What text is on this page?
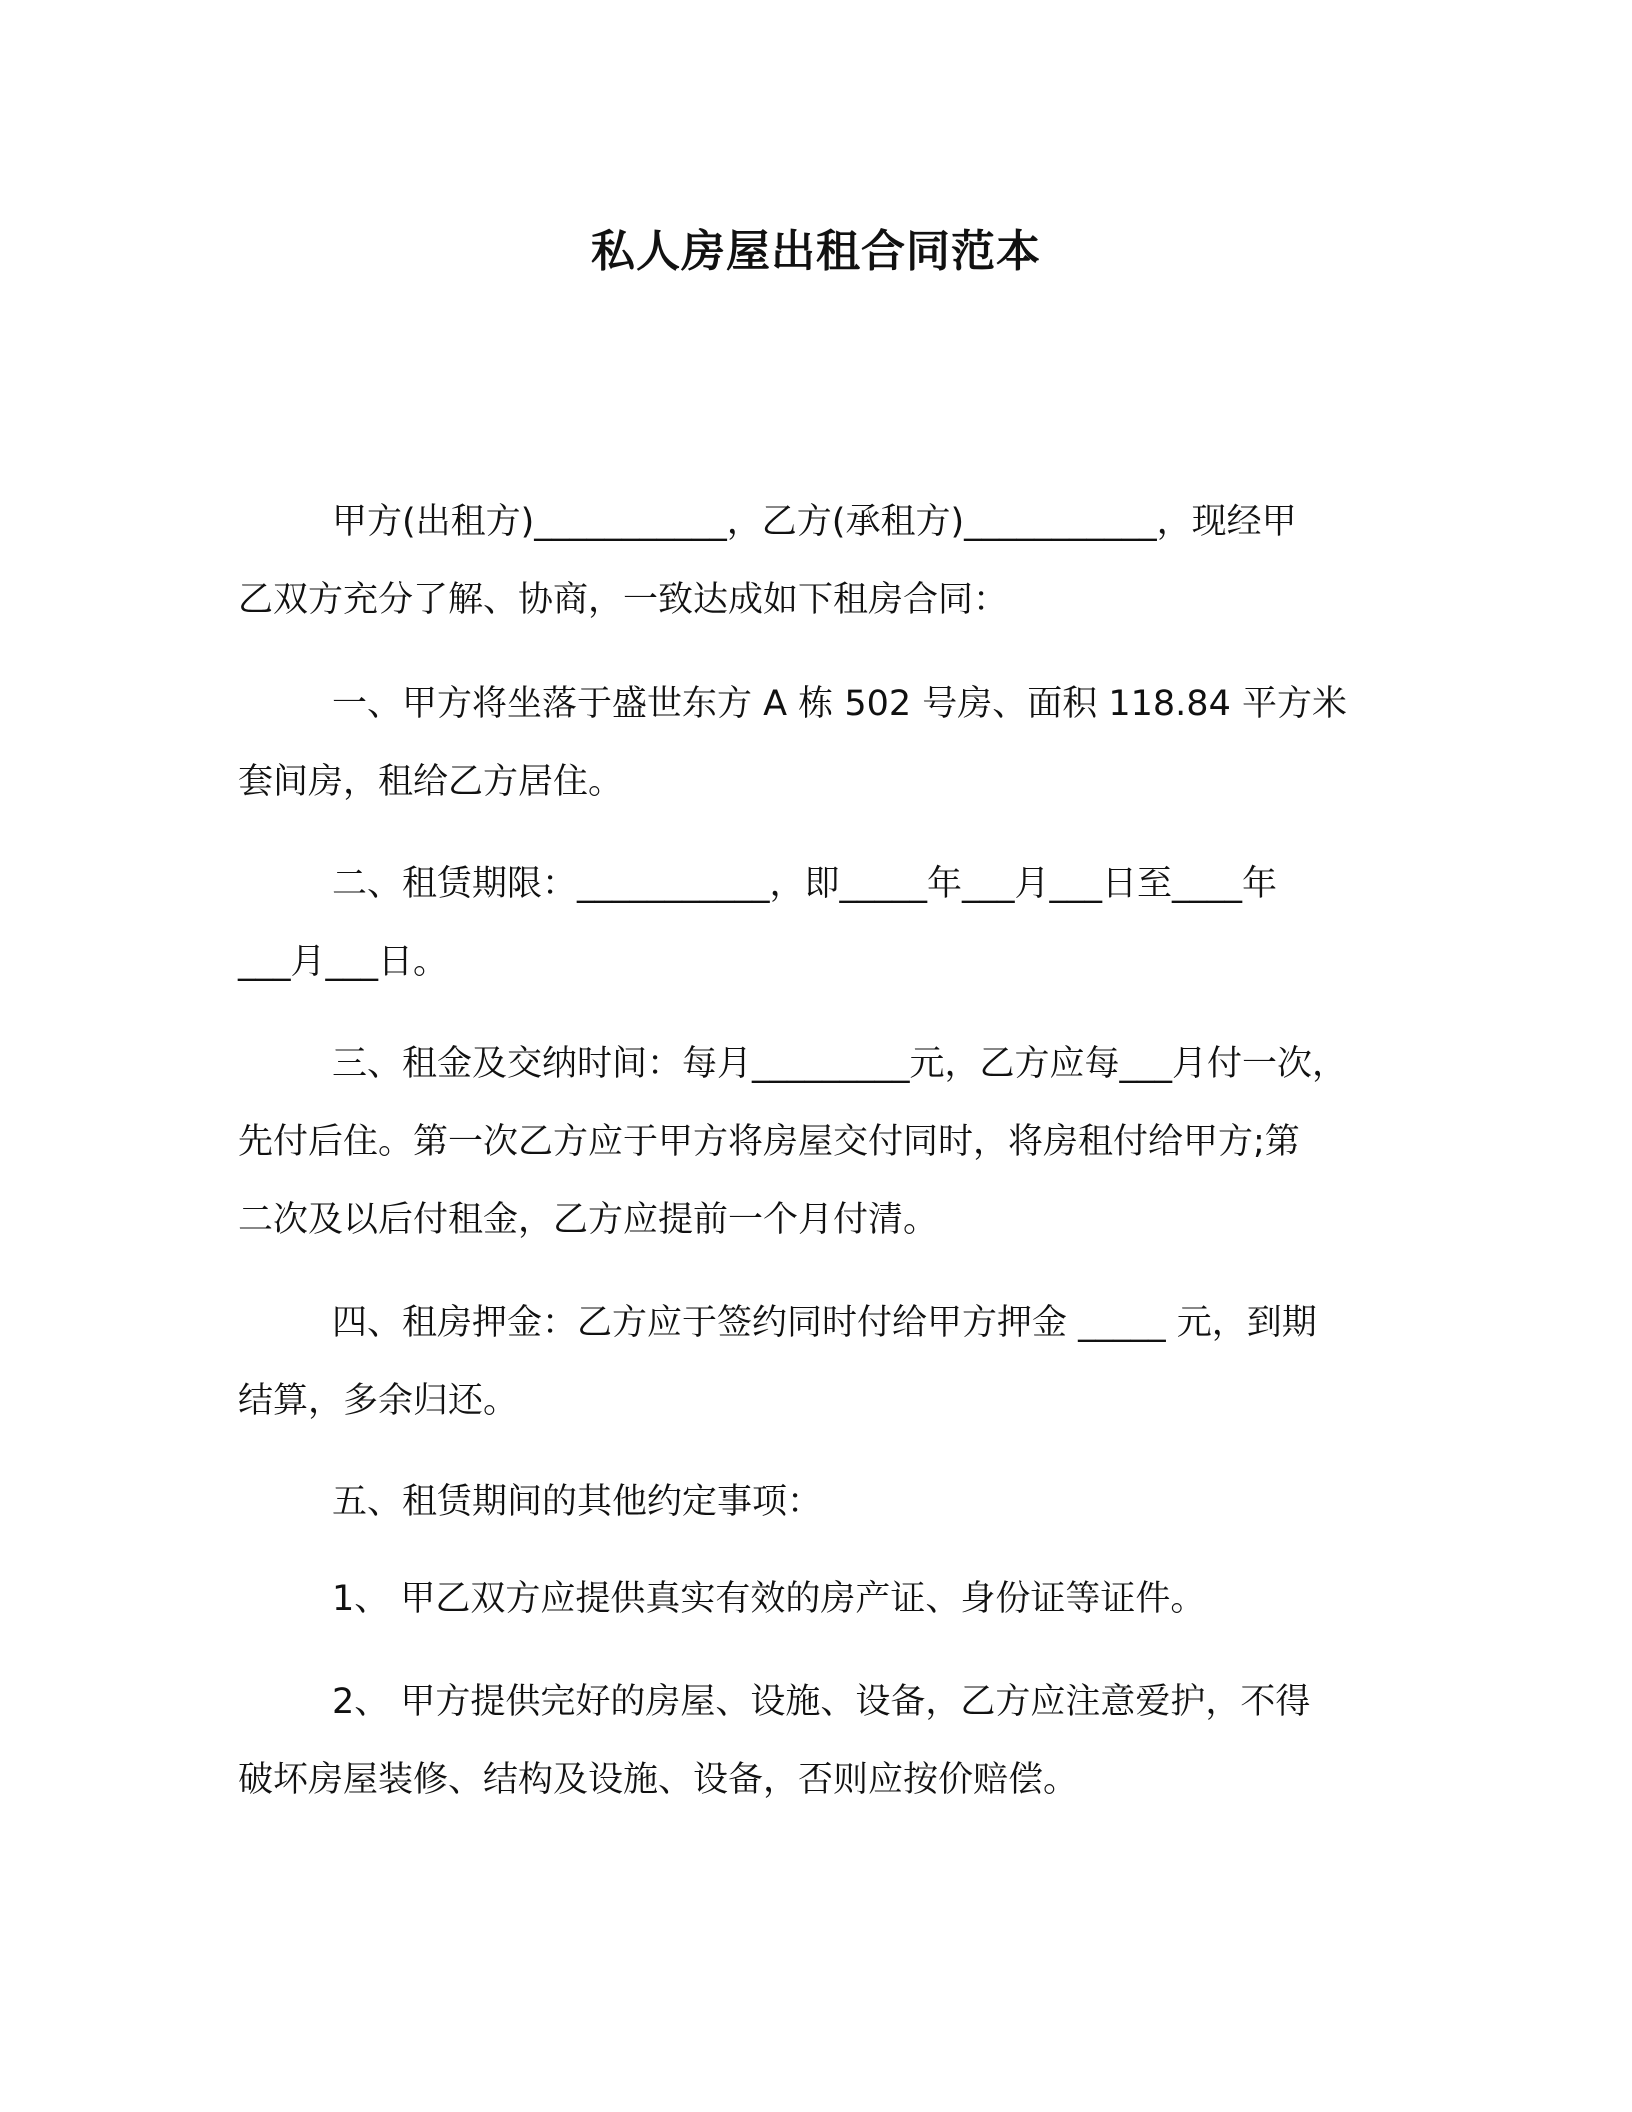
私人房屋出租合同范本
甲方(出租方)___________，乙方(承租方)___________，现经甲
乙双方充分了解、协商，一致达成如下租房合同：
一、甲方将坐落于盛世东方 A 栋 502 号房、面积 118.84 平方米
套间房，租给乙方居住。
二、租赁期限：___________，即_____年___月___日至____年
___月___日。
三、租金及交纳时间：每月_________元，乙方应每___月付一次，
先付后住。第一次乙方应于甲方将房屋交付同时，将房租付给甲方;第
二次及以后付租金，乙方应提前一个月付清。
四、租房押金：乙方应于签约同时付给甲方押金 _____ 元，到期
结算，多余归还。
五、租赁期间的其他约定事项：
1、 甲乙双方应提供真实有效的房产证、身份证等证件。
2、 甲方提供完好的房屋、设施、设备，乙方应注意爱护，不得
破坏房屋装修、结构及设施、设备，否则应按价赔偿。
